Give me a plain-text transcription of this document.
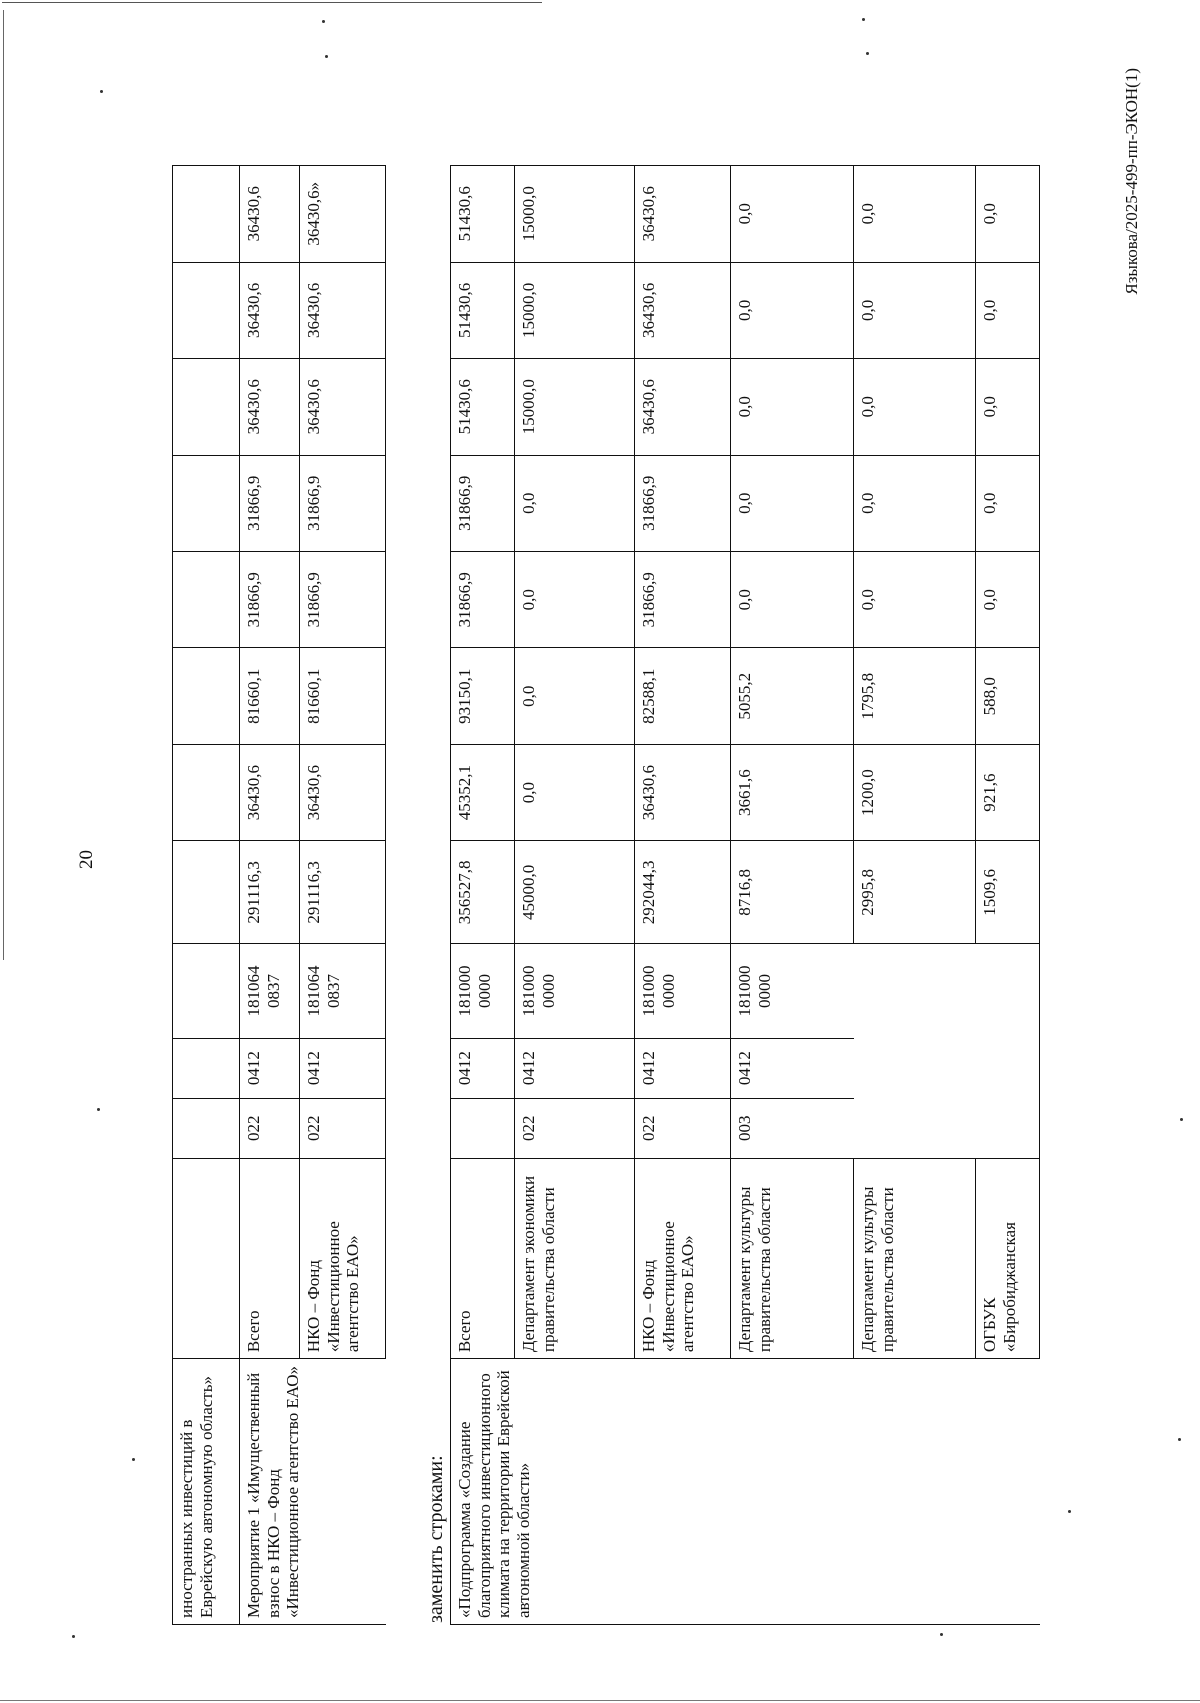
20
иностранных инвестиций в Еврейскую автономную область»												
Мероприятие 1 «Имущественный взнос в НКО – Фонд «Инвестиционное агентство ЕАО»	Всего	022	0412	181064 0837	291116,3	36430,6	81660,1	31866,9	31866,9	36430,6	36430,6	36430,6
	НКО – Фонд «Инвестиционное агентство ЕАО»	022	0412	181064 0837	291116,3	36430,6	81660,1	31866,9	31866,9	36430,6	36430,6	36430,6»
заменить строками: «Подпрограмма «Создание благоприятного инвестиционного климата на территории Еврейской автономной области»	Всего		0412	181000 0000	356527,8	45352,1	93150,1	31866,9	31866,9	51430,6	51430,6	51430,6
	Департамент экономики правительства области	022	0412	181000 0000	45000,0	0,0	0,0	0,0	0,0	15000,0	15000,0	15000,0
	НКО – Фонд «Инвестиционное агентство ЕАО»	022	0412	181000 0000	292044,3	36430,6	82588,1	31866,9	31866,9	36430,6	36430,6	36430,6
	Департамент культуры правительства области	003	0412	181000 0000	8716,8	3661,6	5055,2	0,0	0,0	0,0	0,0	0,0
	Департамент культуры правительства области				2995,8	1200,0	1795,8	0,0	0,0	0,0	0,0	0,0
	ОГБУК «Биробиджанская				1509,6	921,6	588,0	0,0	0,0	0,0	0,0	0,0	Языкова/2025-499-пп-ЭКОН(1)
